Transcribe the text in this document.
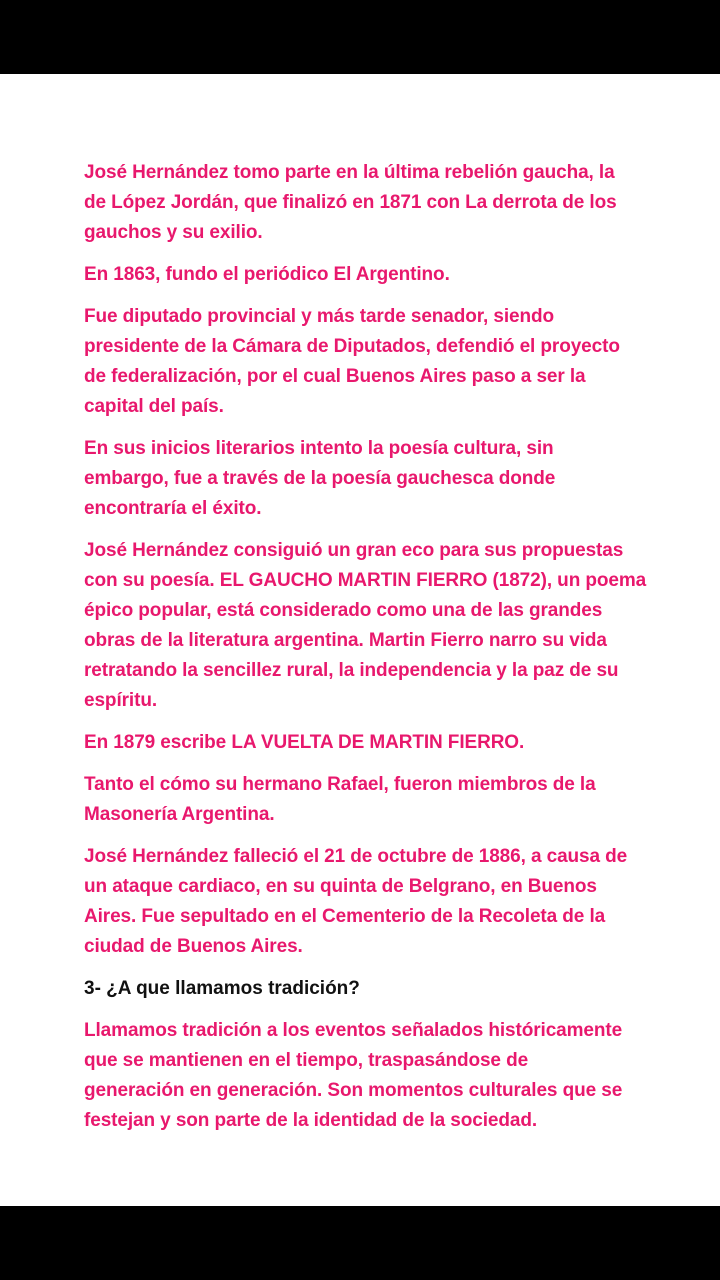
José Hernández tomo parte en la última rebelión gaucha, la
de López Jordán, que finalizó en 1871 con La derrota de los
gauchos y su exilio.

En 1863, fundo el periódico El Argentino.

Fue diputado provincial y más tarde senador, siendo
presidente de la Cámara de Diputados, defendió el proyecto
de federalización, por el cual Buenos Aires paso a ser la
capital del país.

En sus inicios literarios intento la poesía cultura, sin
embargo, fue a través de la poesía gauchesca donde
encontraría el éxito.

José Hernández consiguió un gran eco para sus propuestas
con su poesía. EL GAUCHO MARTIN FIERRO (1872), un poema
épico popular, está considerado como una de las grandes
obras de la literatura argentina. Martin Fierro narro su vida
retratando la sencillez rural, la independencia y la paz de su
espíritu.

En 1879 escribe LA VUELTA DE MARTIN FIERRO.

Tanto el cómo su hermano Rafael, fueron miembros de la
Masonería Argentina.

José Hernández falleció el 21 de octubre de 1886, a causa de
un ataque cardiaco, en su quinta de Belgrano, en Buenos
Aires. Fue sepultado en el Cementerio de la Recoleta de la
ciudad de Buenos Aires.

3- ¿A que llamamos tradición?

Llamamos tradición a los eventos señalados históricamente
que se mantienen en el tiempo, traspasándose de
generación en generación. Son momentos culturales que se
festejan y son parte de la identidad de la sociedad.
